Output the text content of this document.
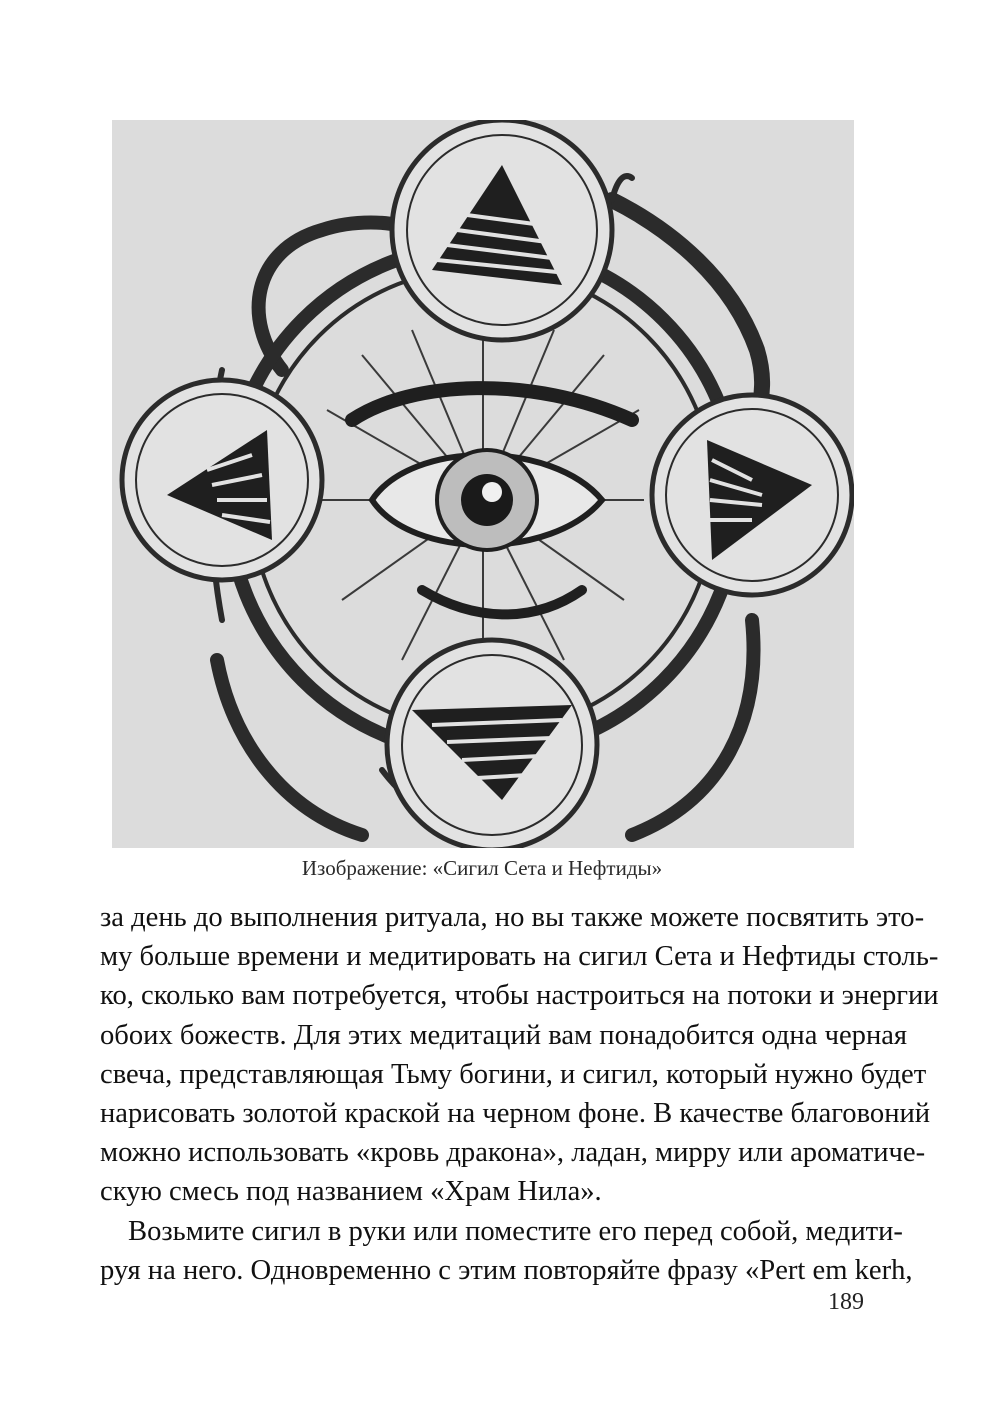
Изображение: «Сигил Сета и Нефтиды»
за день до выполнения ритуала, но вы также можете посвятить это-
му больше времени и медитировать на сигил Сета и Нефтиды столь-
ко, сколько вам потребуется, чтобы настроиться на потоки и энергии
обоих божеств. Для этих медитаций вам понадобится одна черная
свеча, представляющая Тьму богини, и сигил, который нужно будет
нарисовать золотой краской на черном фоне. В качестве благовоний
можно использовать «кровь дракона», ладан, мирру или ароматиче-
скую смесь под названием «Храм Нила».
Возьмите сигил в руки или поместите его перед собой, медити-
руя на него. Одновременно с этим повторяйте фразу «Pert em kerh,
189
